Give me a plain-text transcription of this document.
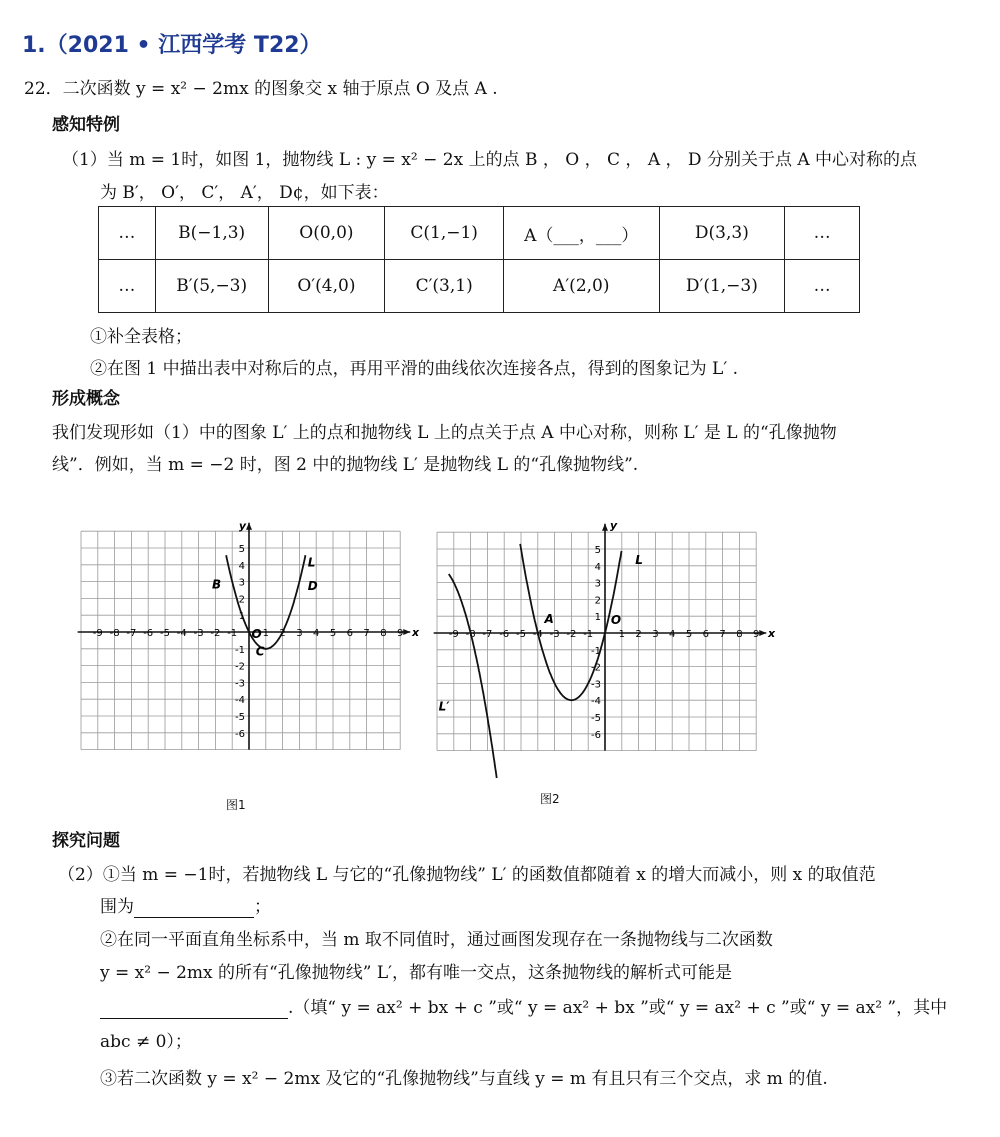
1.（2021 • 江西学考 T22）
22．二次函数 y = x² − 2mx 的图象交 x 轴于原点 O 及点 A .
感知特例
（1）当 m = 1时，如图 1，抛物线 L : y = x² − 2x 上的点 B ， O ， C ， A ， D 分别关于点 A 中心对称的点
为 B′， O′， C′， A′， D¢，如下表：
…	B(−1,3)	O(0,0)	C(1,−1)	A（___，___）	D(3,3)	…
…	B′(5,−3)	O′(4,0)	C′(3,1)	A′(2,0)	D′(1,−3)	…
①补全表格；
②在图 1 中描出表中对称后的点，再用平滑的曲线依次连接各点，得到的图象记为 L′ .
形成概念
我们发现形如（1）中的图象 L′ 上的点和抛物线 L 上的点关于点 A 中心对称，则称 L′ 是 L 的“孔像抛物
线”．例如，当 m = −2 时，图 2 中的抛物线 L′ 是抛物线 L 的“孔像抛物线”.
-9 -8 -7 -6 -5 -4 -3 -2 -1	1 2 3 4 5 6 7 8 9
5
4
3
2
1
-1
-2
-3
-4
-5
-6
x
y
L
B	D
O
C
图1
-9 -8 -7 -6 -5 -4 -3 -2 -1	1 2 3 4 5 6 7 8 9
5
4
3
2
1
-1
-2
-3
-4
-5
-6
x
y
L
L′
A	O
图2
探究问题
（2）①当 m = −1时，若抛物线 L 与它的“孔像抛物线” L′ 的函数值都随着 x 的增大而减小，则 x 的取值范
围为	；
②在同一平面直角坐标系中，当 m 取不同值时，通过画图发现存在一条抛物线与二次函数
y = x² − 2mx 的所有“孔像抛物线” L′，都有唯一交点，这条抛物线的解析式可能是
.（填“ y = ax² + bx + c ”或“ y = ax² + bx ”或“ y = ax² + c ”或“ y = ax² ”，其中
abc ≠ 0）；
③若二次函数 y = x² − 2mx 及它的“孔像抛物线”与直线 y = m 有且只有三个交点，求 m 的值.
